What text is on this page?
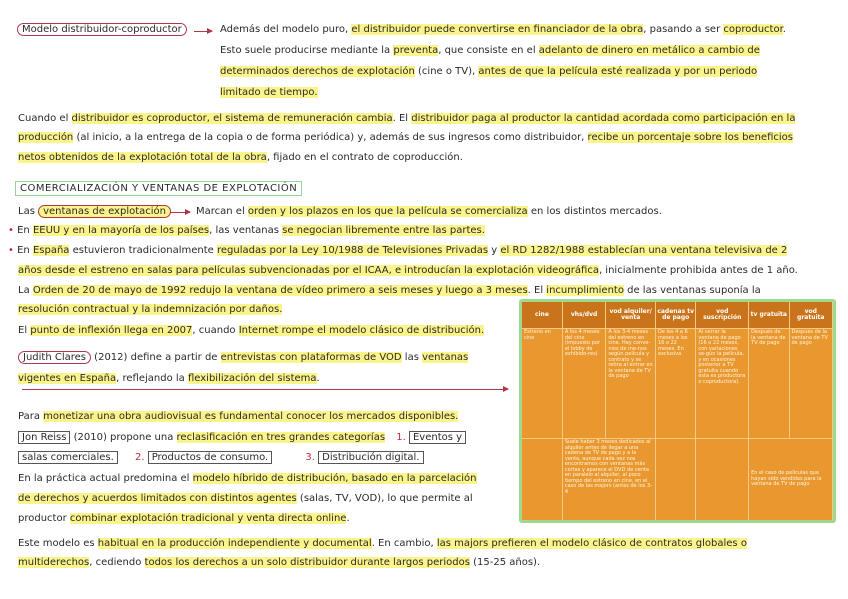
Modelo distribuidor-coproductor	Además del modelo puro, el distribuidor puede convertirse en financiador de la obra, pasando a ser coproductor.
Esto suele producirse mediante la preventa, que consiste en el adelanto de dinero en metálico a cambio de
determinados derechos de explotación (cine o TV), antes de que la película esté realizada y por un periodo
limitado de tiempo.
Cuando el distribuidor es coproductor, el sistema de remuneración cambia. El distribuidor paga al productor la cantidad acordada como participación en la
producción (al inicio, a la entrega de la copia o de forma periódica) y, además de sus ingresos como distribuidor, recibe un porcentaje sobre los beneficios
netos obtenidos de la explotación total de la obra, fijado en el contrato de coproducción.
COMERCIALIZACIÓN Y VENTANAS DE EXPLOTACIÓN
Las ventanas de explotación	Marcan el orden y los plazos en los que la película se comercializa en los distintos mercados.
• En EEUU y en la mayoría de los países, las ventanas se negocian libremente entre las partes.
• En España estuvieron tradicionalmente reguladas por la Ley 10/1988 de Televisiones Privadas y el RD 1282/1988 establecían una ventana televisiva de 2
años desde el estreno en salas para películas subvencionadas por el ICAA, e introducían la explotación videográfica, inicialmente prohibida antes de 1 año.
La Orden de 20 de mayo de 1992 redujo la ventana de vídeo primero a seis meses y luego a 3 meses. El incumplimiento de las ventanas suponía la
resolución contractual y la indemnización por daños.
El punto de inflexión llega en 2007, cuando Internet rompe el modelo clásico de distribución.
Judith Clares (2012) define a partir de entrevistas con plataformas de VOD las ventanas
vigentes en España, reflejando la flexibilización del sistema.
Para monetizar una obra audiovisual es fundamental conocer los mercados disponibles.
Jon Reiss (2010) propone una reclasificación en tres grandes categorías 1. Eventos y
salas comerciales. 2. Productos de consumo.	3. Distribución digital.
En la práctica actual predomina el modelo híbrido de distribución, basado en la parcelación
de derechos y acuerdos limitados con distintos agentes (salas, TV, VOD), lo que permite al
productor combinar explotación tradicional y venta directa online.
Este modelo es habitual en la producción independiente y documental. En cambio, las majors prefieren el modelo clásico de contratos globales o
multiderechos, cediendo todos los derechos a un solo distribuidor durante largos periodos (15-25 años).
cine	vhs/dvd	vod alquiler/ venta	cadenas tv de pago	vod suscripción	tv gratuita	vod gratuita
Estreno en cine	A los 4 meses del cine (impuesto por el lobby de exhibido-res)	A los 3-4 meses del estreno en cine. Hay conve-nios de me-nos según película y contrato y se retira al entrar en la ventana de TV de pago	De los 4 a 6 meses a los 16 o 22 meses. En exclusiva	Al cerrar la ventana de pago (16 o 22 meses, con variaciones se-gún la película, y en ocasiones posterior a TV gratuita cuando esta es productora o coproductora).	Después de la ventana de TV de pago	Después de la ventana de TV de pago
	Suele haber 3 meses dedicados al alquiler antes de llegar a una cadena de TV de pago y a la venta, aunque cada vez nos encontramos con ventanas más cortas y aparece el DVD de venta en paralelo al alquiler, al poco tiempo del estreno en cine, en el caso de las majors (antes de los 3-4				En el caso de películas que hayan sido vendidas para la ventana de TV de pago	
